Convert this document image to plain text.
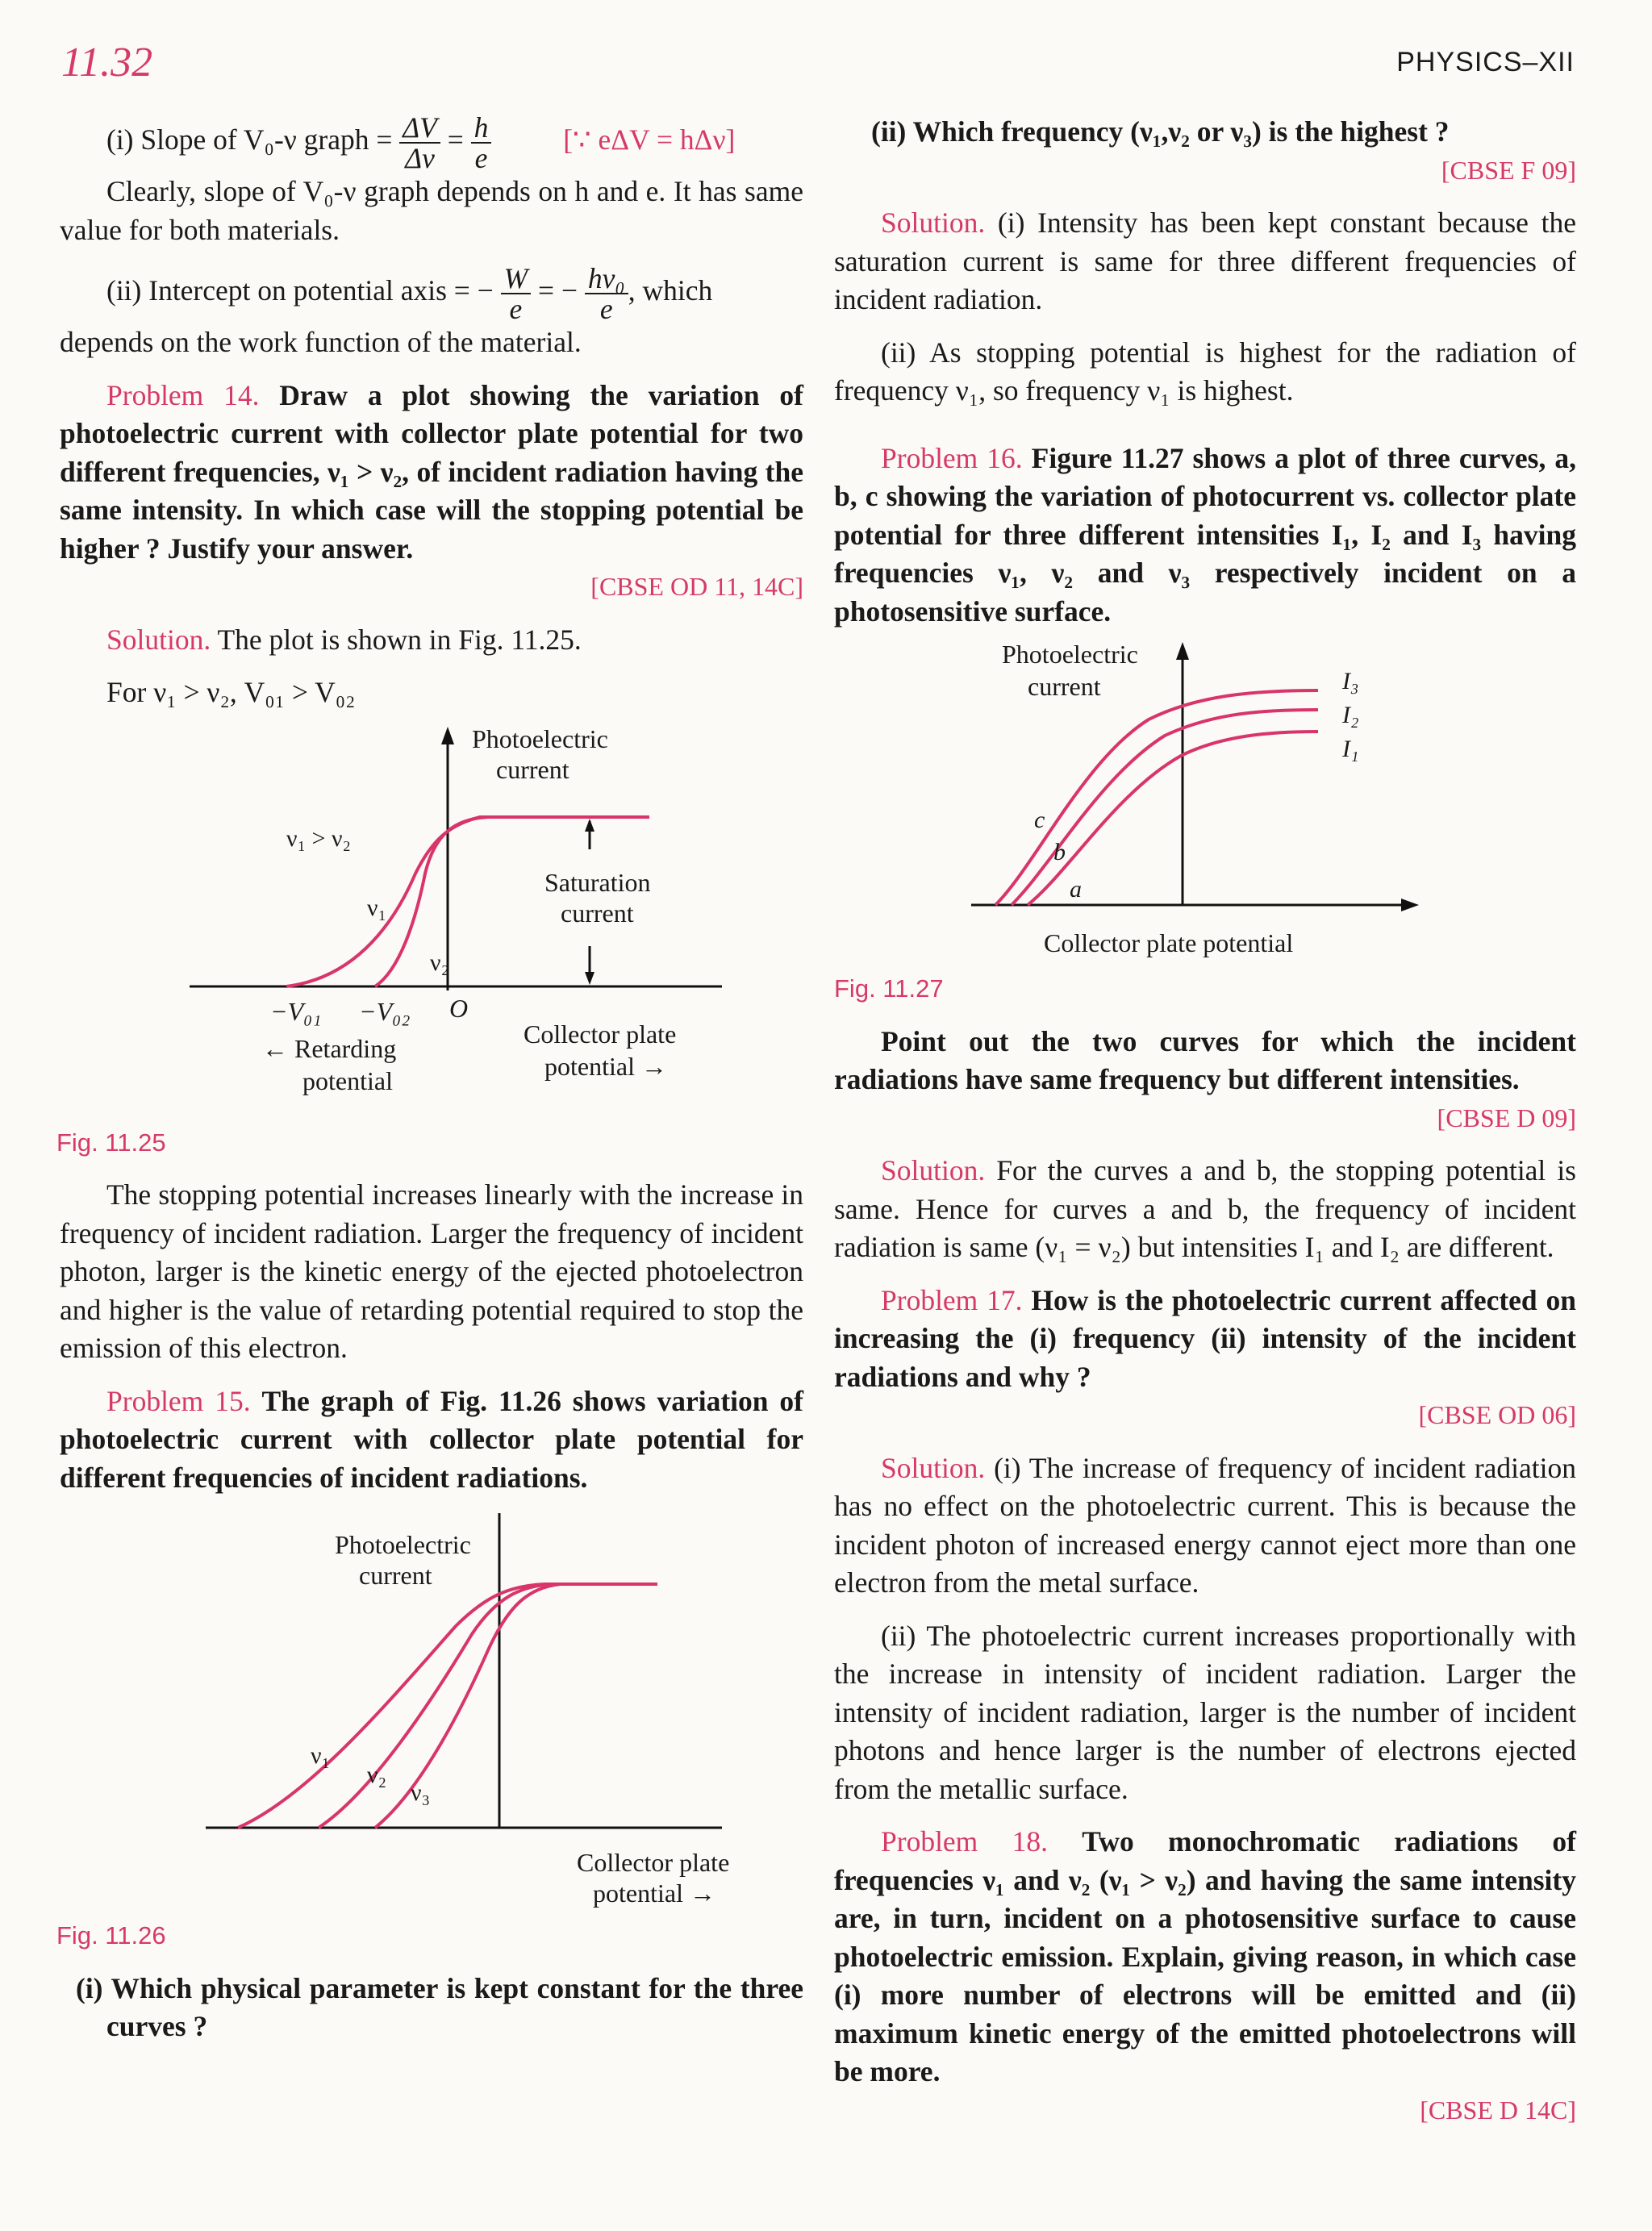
11.32	PHYSICS–XII

(i) Slope of V₀-ν graph = $\frac{\Delta V}{\Delta\nu} = \frac{h}{e}$	[∵ eΔV = hΔν]

Clearly, slope of V₀-ν graph depends on h and e. It has same value for both materials.

(ii) Intercept on potential axis = − $\frac{W}{e}$ = − $\frac{\text{hν₀}}{e}$ , which

depends on the work function of the material.

Problem 14. Draw a plot showing the variation of photoelectric current with collector plate potential for two different frequencies, ν₁ > ν₂, of incident radiation having the same intensity. In which case will the stopping potential be higher ? Justify your answer.

[CBSE OD 11, 14C]

Solution. The plot is shown in Fig. 11.25.

For ν₁ > ν₂, V₀₁ > V₀₂

Photoelectric
current
ν₁ > ν₂
ν₁
ν₂
Saturation
current
−V₀₁ −V₀₂ O
← Retarding
potential
Collector plate
potential →
Fig. 11.25

The stopping potential increases linearly with the increase in frequency of incident radiation. Larger the frequency of incident photon, larger is the kinetic energy of the ejected photoelectron and higher is the value of retarding potential required to stop the emission of this electron.

Problem 15. The graph of Fig. 11.26 shows variation of photoelectric current with collector plate potential for different frequencies of incident radiations.

Photoelectric
current
ν₁
ν₂
ν₃
Collector plate
potential →
Fig. 11.26

(i) Which physical parameter is kept constant for the three curves ?

(ii) Which frequency (ν₁,ν₂ or ν₃) is the highest ?

[CBSE F 09]

Solution. (i) Intensity has been kept constant because the saturation current is same for three different frequencies of incident radiation.

(ii) As stopping potential is highest for the radiation of frequency ν₁, so frequency ν₁ is highest.

Problem 16. Figure 11.27 shows a plot of three curves, a, b, c showing the variation of photocurrent vs. collector plate potential for three different intensities I₁, I₂ and I₃ having frequencies ν₁, ν₂ and ν₃ respectively incident on a photosensitive surface.

Photoelectric
current	I₃
I₂
I₁
c
b
a
Collector plate potential
Fig. 11.27

Point out the two curves for which the incident radiations have same frequency but different intensities.

[CBSE D 09]

Solution. For the curves a and b, the stopping potential is same. Hence for curves a and b, the frequency of incident radiation is same (ν₁ = ν₂) but intensities I₁ and I₂ are different.

Problem 17. How is the photoelectric current affected on increasing the (i) frequency (ii) intensity of the incident radiations and why ?

[CBSE OD 06]

Solution. (i) The increase of frequency of incident radiation has no effect on the photoelectric current. This is because the incident photon of increased energy cannot eject more than one electron from the metal surface.

(ii) The photoelectric current increases proportionally with the increase in intensity of incident radiation. Larger the intensity of incident radiation, larger is the number of incident photons and hence larger is the number of electrons ejected from the metallic surface.

Problem 18. Two monochromatic radiations of frequencies ν₁ and ν₂ (ν₁ > ν₂) and having the same intensity are, in turn, incident on a photosensitive surface to cause photoelectric emission. Explain, giving reason, in which case (i) more number of electrons will be emitted and (ii) maximum kinetic energy of the emitted photoelectrons will be more.

[CBSE D 14C]
